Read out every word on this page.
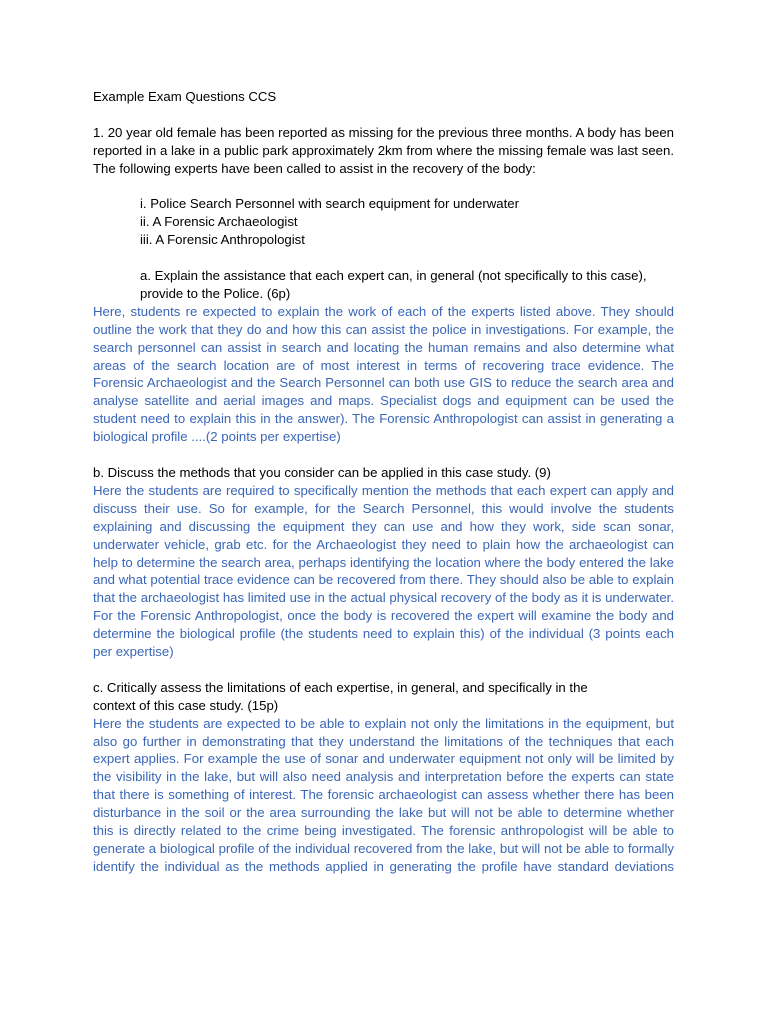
Example Exam Questions CCS

1. 20 year old female has been reported as missing for the previous three months. A body has been reported in a lake in a public park approximately 2km from where the missing female was last seen. The following experts have been called to assist in the recovery of the body:

i. Police Search Personnel with search equipment for underwater

ii. A Forensic Archaeologist

iii. A Forensic Anthropologist

a. Explain the assistance that each expert can, in general (not specifically to this case),

provide to the Police. (6p)

Here, students re expected to explain the work of each of the experts listed above. They should outline the work that they do and how this can assist the police in investigations. For example, the search personnel can assist in search and locating the human remains and also determine what areas of the search location are of most interest in terms of recovering trace evidence. The Forensic Archaeologist and the Search Personnel can both use GIS to reduce the search area and analyse satellite and aerial images and maps. Specialist dogs and equipment can be used the student need to explain this in the answer). The Forensic Anthropologist can assist in generating a biological profile ....(2 points per expertise)

b. Discuss the methods that you consider can be applied in this case study. (9)

Here the students are required to specifically mention the methods that each expert can apply and discuss their use. So for example, for the Search Personnel, this would involve the students explaining and discussing the equipment they can use and how they work, side scan sonar, underwater vehicle, grab etc. for the Archaeologist they need to plain how the archaeologist can help to determine the search area, perhaps identifying the location where the body entered the lake and what potential trace evidence can be recovered from there. They should also be able to explain that the archaeologist has limited use in the actual physical recovery of the body as it is underwater. For the Forensic Anthropologist, once the body is recovered the expert will examine the body and determine the biological profile (the students need to explain this) of the individual (3 points each per expertise)

c. Critically assess the limitations of each expertise, in general, and specifically in the

context of this case study. (15p)

Here the students are expected to be able to explain not only the limitations in the equipment, but also go further in demonstrating that they understand the limitations of the techniques that each expert applies. For example the use of sonar and underwater equipment not only will be limited by the visibility in the lake, but will also need analysis and interpretation before the experts can state that there is something of interest. The forensic archaeologist can assess whether there has been disturbance in the soil or the area surrounding the lake but will not be able to determine whether this is directly related to the crime being investigated. The forensic anthropologist will be able to generate a biological profile of the individual recovered from the lake, but will not be able to formally identify the individual as the methods applied in generating the profile have standard deviations
